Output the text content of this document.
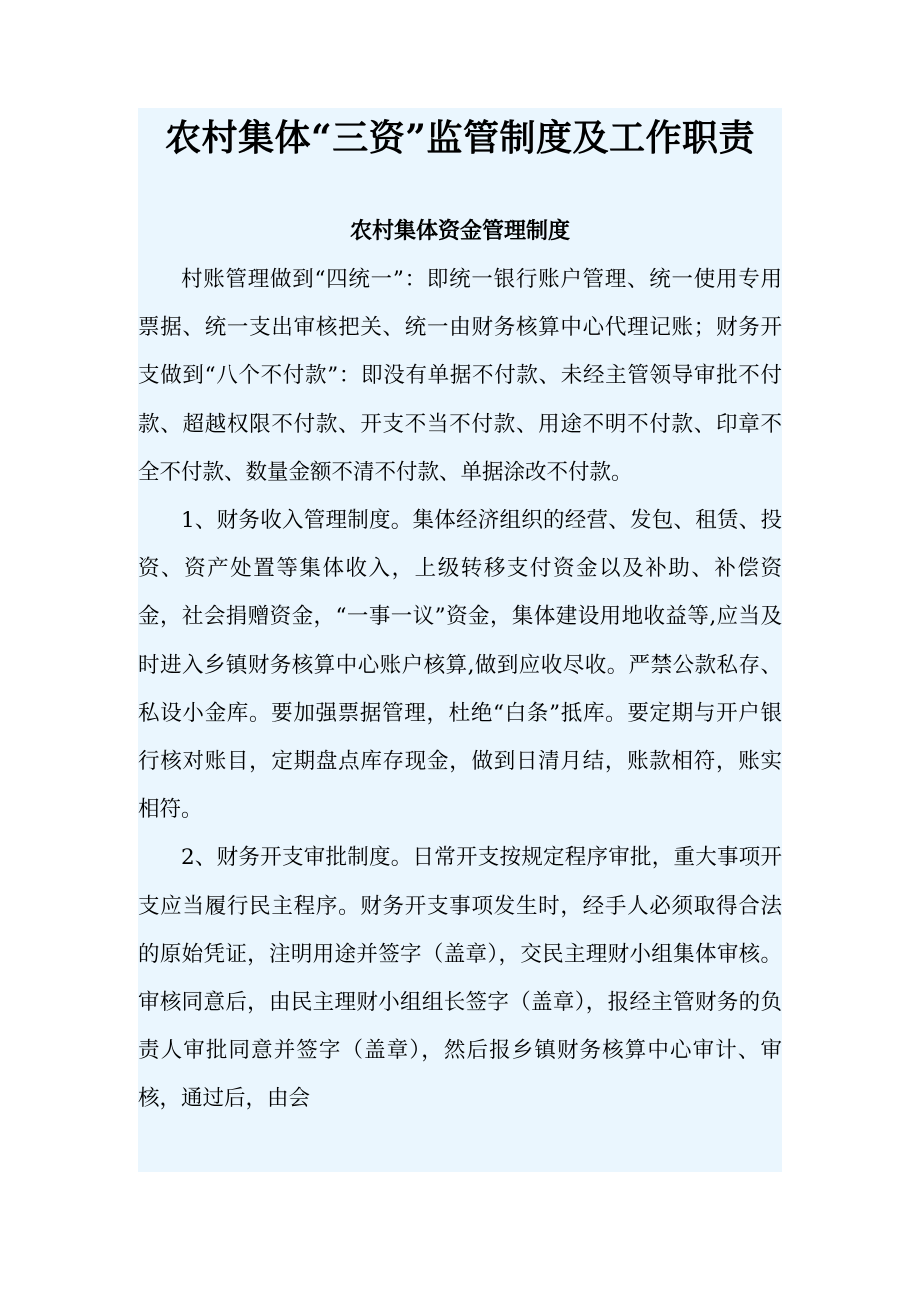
农村集体“三资”监管制度及工作职责
农村集体资金管理制度

村账管理做到“四统一”：即统一银行账户管理、统一使用专用票据、统一支出审核把关、统一由财务核算中心代理记账；财务开支做到“八个不付款”：即没有单据不付款、未经主管领导审批不付款、超越权限不付款、开支不当不付款、用途不明不付款、印章不全不付款、数量金额不清不付款、单据涂改不付款。

1、财务收入管理制度。集体经济组织的经营、发包、租赁、投资、资产处置等集体收入，上级转移支付资金以及补助、补偿资金，社会捐赠资金，“一事一议”资金，集体建设用地收益等,应当及时进入乡镇财务核算中心账户核算,做到应收尽收。严禁公款私存、私设小金库。要加强票据管理，杜绝“白条”抵库。要定期与开户银行核对账目，定期盘点库存现金，做到日清月结，账款相符，账实相符。

2、财务开支审批制度。日常开支按规定程序审批，重大事项开支应当履行民主程序。财务开支事项发生时，经手人必须取得合法的原始凭证，注明用途并签字（盖章），交民主理财小组集体审核。审核同意后，由民主理财小组组长签字（盖章），报经主管财务的负责人审批同意并签字（盖章），然后报乡镇财务核算中心审计、审核，通过后，由会
